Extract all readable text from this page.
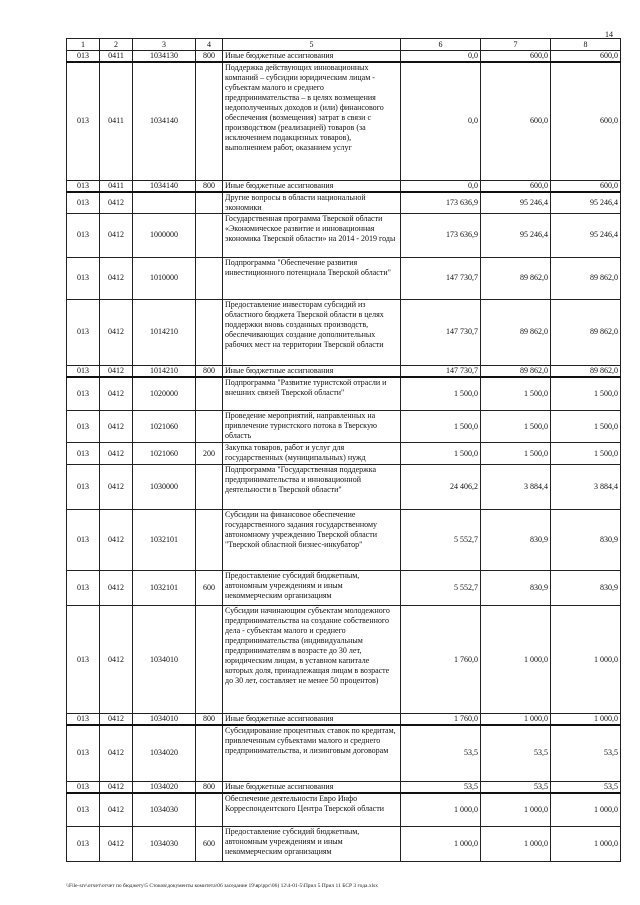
14
1	2	3	4	5	6	7	8
013	0411	1034130	800	Иные бюджетные ассигнования	0,0	600,0	600,0
013	0411	1034140		Поддержка действующих инновационных компаний – субсидии юридическим лицам - субъектам малого и среднего предпринимательства – в целях возмещения недополученных доходов и (или) финансового обеспечения (возмещения) затрат в связи с производством (реализацией) товаров (за исключением подакцизных товаров), выполнением работ, оказанием услуг	0,0	600,0	600,0
013	0411	1034140	800	Иные бюджетные ассигнования	0,0	600,0	600,0
013	0412			Другие вопросы в области национальной экономики	173 636,9	95 246,4	95 246,4
013	0412	1000000		Государственная программа Тверской области «Экономическое развитие и инновационная экономика Тверской области» на 2014 - 2019 годы	173 636,9	95 246,4	95 246,4
013	0412	1010000		Подпрограмма "Обеспечение развития инвестиционного потенциала Тверской области"	147 730,7	89 862,0	89 862,0
013	0412	1014210		Предоставление инвесторам субсидий из областного бюджета Тверской области в целях поддержки вновь созданных производств, обеспечивающих создание дополнительных рабочих мест на территории Тверской области	147 730,7	89 862,0	89 862,0
013	0412	1014210	800	Иные бюджетные ассигнования	147 730,7	89 862,0	89 862,0
013	0412	1020000		Подпрограмма "Развитие туристской отрасли и внешних связей Тверской области"	1 500,0	1 500,0	1 500,0
013	0412	1021060		Проведение мероприятий, направленных на привлечение туристского потока в Тверскую область	1 500,0	1 500,0	1 500,0
013	0412	1021060	200	Закупка товаров, работ и услуг для государственных (муниципальных) нужд	1 500,0	1 500,0	1 500,0
013	0412	1030000		Подпрограмма "Государственная поддержка предпринимательства и инновационной деятельности в Тверской области"	24 406,2	3 884,4	3 884,4
013	0412	1032101		Субсидии на финансовое обеспечение государственного задания государственному автономному учреждению Тверской области "Тверской областной бизнес-инкубатор"	5 552,7	830,9	830,9
013	0412	1032101	600	Предоставление субсидий бюджетным, автономным учреждениям и иным некоммерческим организациям	5 552,7	830,9	830,9
013	0412	1034010		Субсидии начинающим субъектам молодежного предпринимательства на создание собственного дела - субъектам малого и среднего предпринимательства (индивидуальным предпринимателям в возрасте до 30 лет, юридическим лицам, в уставном капитале которых доля, принадлежащая лицам в возрасте до 30 лет, составляет не менее 50 процентов)	1 760,0	1 000,0	1 000,0
013	0412	1034010	800	Иные бюджетные ассигнования	1 760,0	1 000,0	1 000,0
013	0412	1034020		Субсидирование процентных ставок по кредитам, привлеченным субъектами малого и среднего предпринимательства, и лизинговым договорам	53,5	53,5	53,5
013	0412	1034020	800	Иные бюджетные ассигнования	53,5	53,5	53,5
013	0412	1034030		Обеспечение деятельности Евро Инфо Корреспондентского Центра Тверской области	1 000,0	1 000,0	1 000,0
013	0412	1034030	600	Предоставление субсидий бюджетным, автономным учреждениям и иным некоммерческим организациям	1 000,0	1 000,0	1 000,0
\\File-srv\отчет\отчет по бюджету\5 Стоков\документы комитета\06 заседание 19\вр\ррс\06) 12\4-01-5\Прил 5 Прил 11 БСР 3 года.xlsx
